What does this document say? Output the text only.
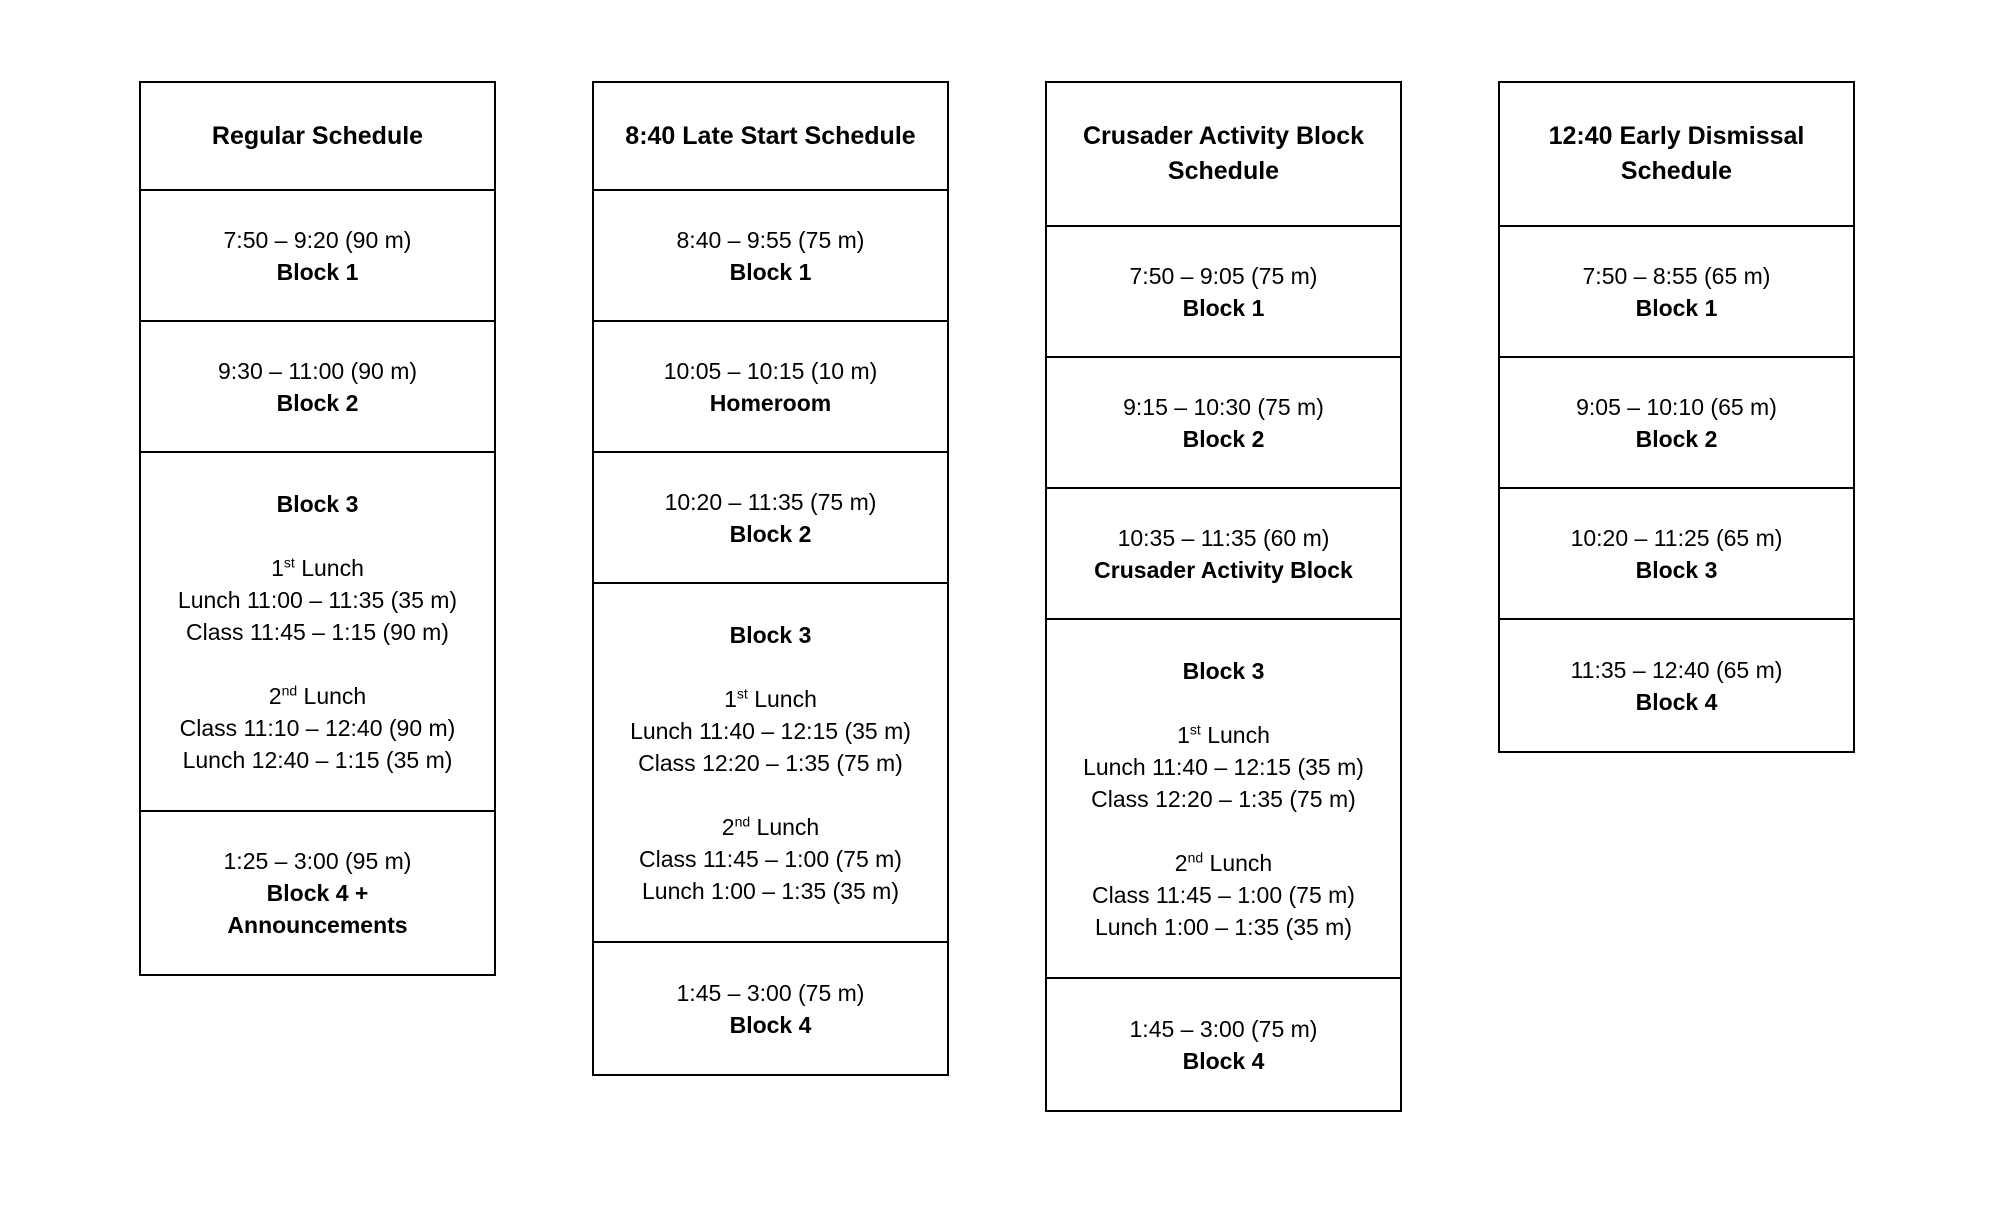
Regular Schedule
7:50 – 9:20 (90 m)
Block 1
9:30 – 11:00 (90 m)
Block 2
Block 3
1st Lunch
Lunch 11:00 – 11:35 (35 m)
Class 11:45 – 1:15 (90 m)
2nd Lunch
Class 11:10 – 12:40 (90 m)
Lunch 12:40 – 1:15 (35 m)
1:25 – 3:00 (95 m)
Block 4 +
Announcements
8:40 Late Start Schedule
8:40 – 9:55 (75 m)
Block 1
10:05 – 10:15 (10 m)
Homeroom
10:20 – 11:35 (75 m)
Block 2
Block 3
1st Lunch
Lunch 11:40 – 12:15 (35 m)
Class 12:20 – 1:35 (75 m)
2nd Lunch
Class 11:45 – 1:00 (75 m)
Lunch 1:00 – 1:35 (35 m)
1:45 – 3:00 (75 m)
Block 4
Crusader Activity Block
Schedule
7:50 – 9:05 (75 m)
Block 1
9:15 – 10:30 (75 m)
Block 2
10:35 – 11:35 (60 m)
Crusader Activity Block
Block 3
1st Lunch
Lunch 11:40 – 12:15 (35 m)
Class 12:20 – 1:35 (75 m)
2nd Lunch
Class 11:45 – 1:00 (75 m)
Lunch 1:00 – 1:35 (35 m)
1:45 – 3:00 (75 m)
Block 4
12:40 Early Dismissal
Schedule
7:50 – 8:55 (65 m)
Block 1
9:05 – 10:10 (65 m)
Block 2
10:20 – 11:25 (65 m)
Block 3
11:35 – 12:40 (65 m)
Block 4
